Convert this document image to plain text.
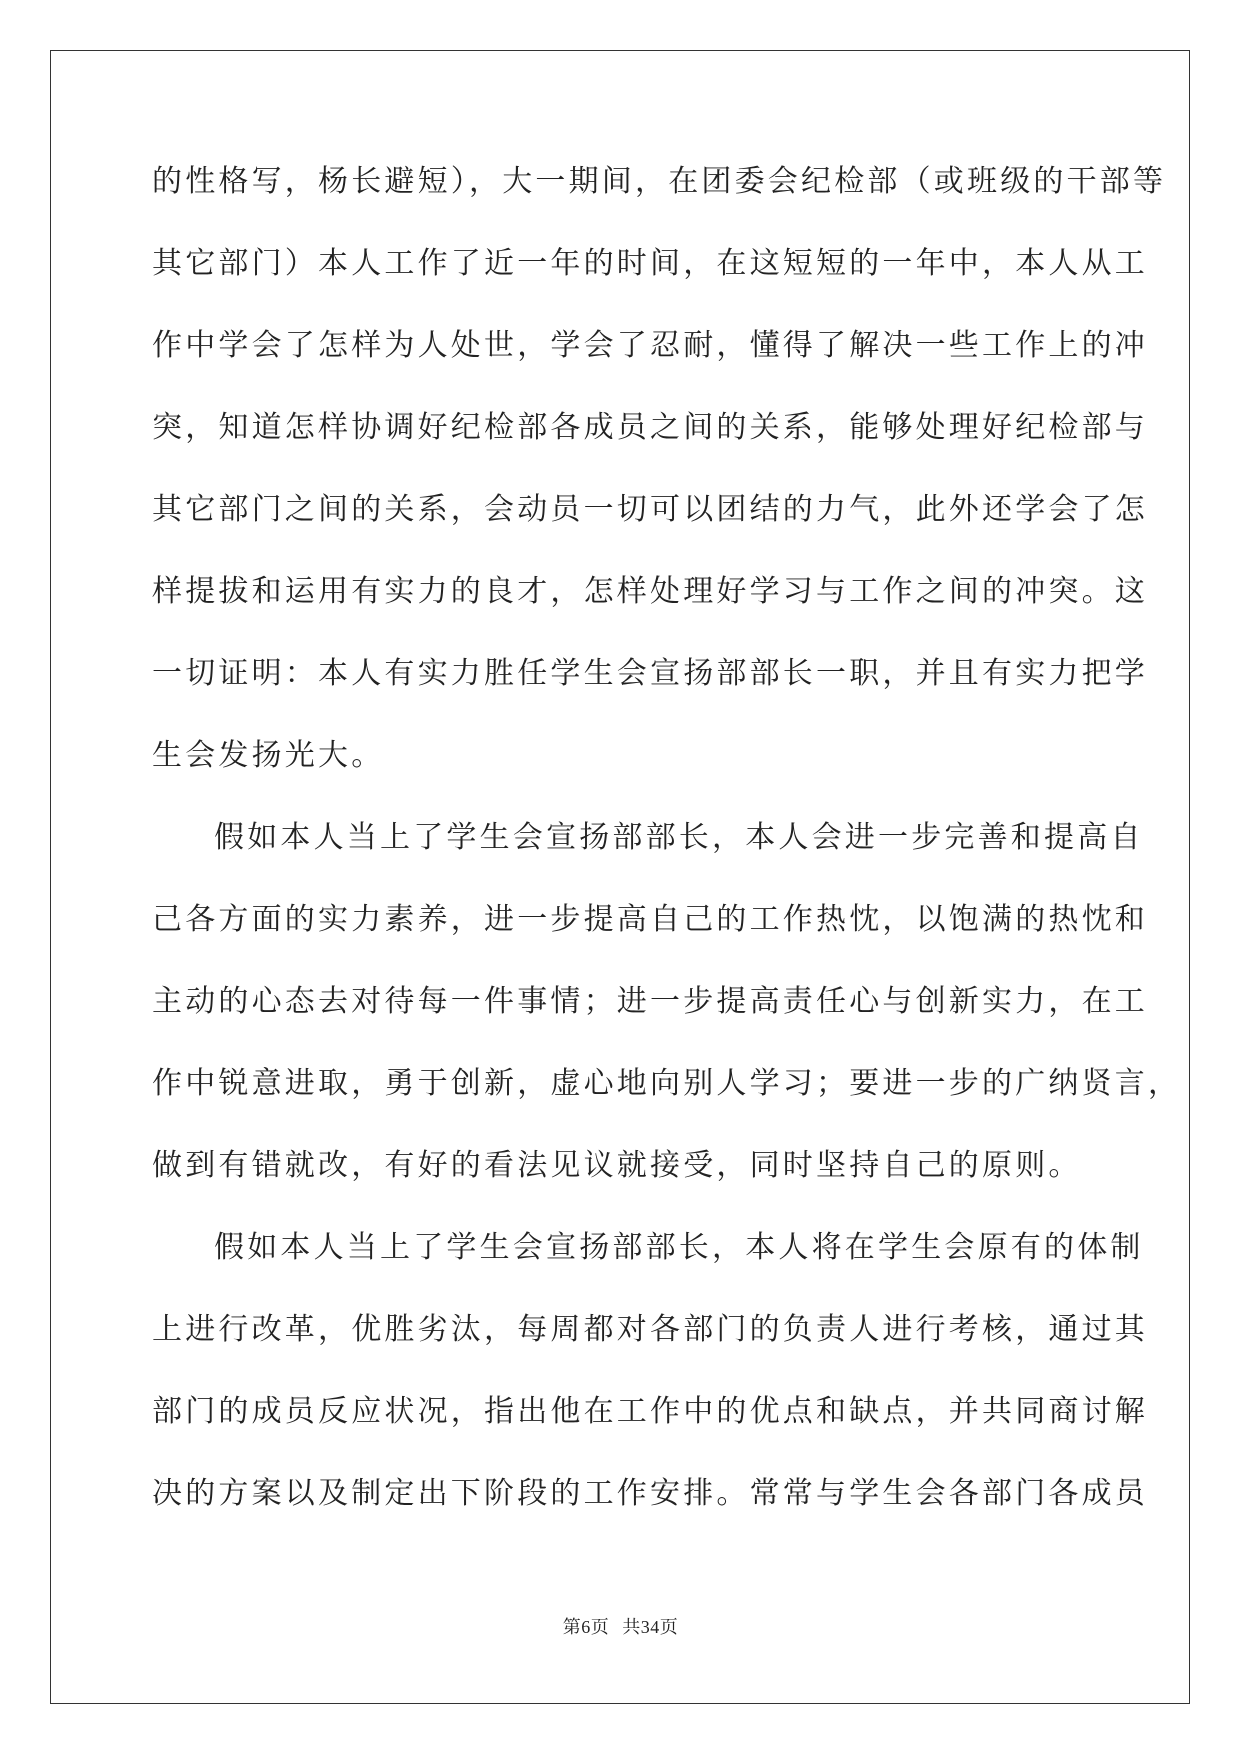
的性格写，杨长避短），大一期间，在团委会纪检部（或班级的干部等
其它部门）本人工作了近一年的时间，在这短短的一年中，本人从工
作中学会了怎样为人处世，学会了忍耐，懂得了解决一些工作上的冲
突，知道怎样协调好纪检部各成员之间的关系，能够处理好纪检部与
其它部门之间的关系，会动员一切可以团结的力气，此外还学会了怎
样提拔和运用有实力的良才，怎样处理好学习与工作之间的冲突。这
一切证明：本人有实力胜任学生会宣扬部部长一职，并且有实力把学
生会发扬光大。
假如本人当上了学生会宣扬部部长，本人会进一步完善和提高自
己各方面的实力素养，进一步提高自己的工作热忱，以饱满的热忱和
主动的心态去对待每一件事情；进一步提高责任心与创新实力，在工
作中锐意进取，勇于创新，虚心地向别人学习；要进一步的广纳贤言，
做到有错就改，有好的看法见议就接受，同时坚持自己的原则。
假如本人当上了学生会宣扬部部长，本人将在学生会原有的体制
上进行改革，优胜劣汰，每周都对各部门的负责人进行考核，通过其
部门的成员反应状况，指出他在工作中的优点和缺点，并共同商讨解
决的方案以及制定出下阶段的工作安排。常常与学生会各部门各成员
第6页 共34页
